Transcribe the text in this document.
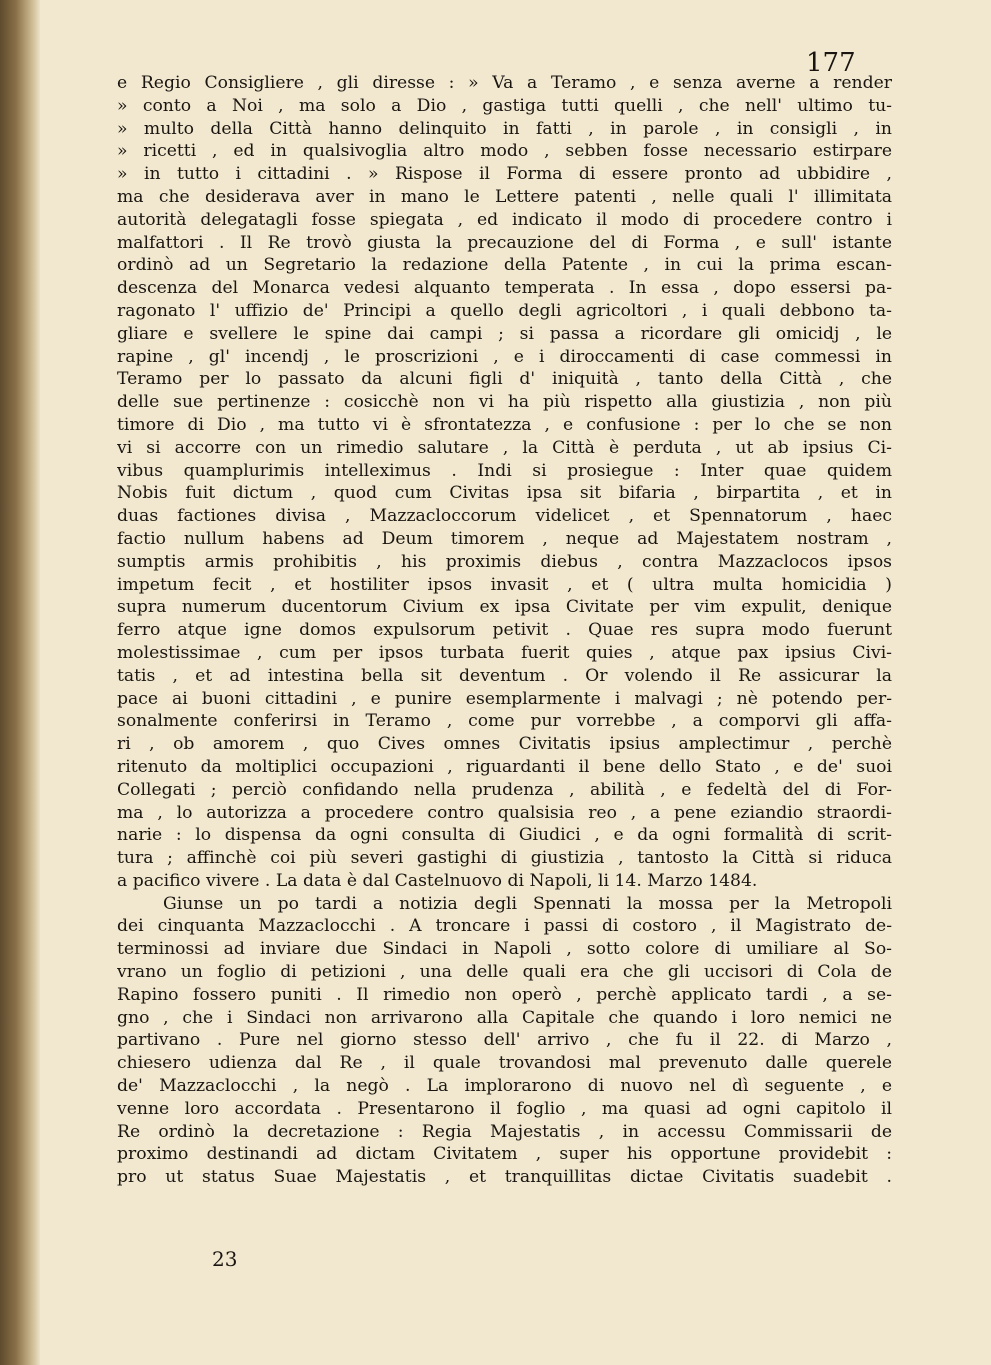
177
e Regio Consigliere , gli diresse : » Va a Teramo , e senza averne a render
» conto a Noi , ma solo a Dio , gastiga tutti quelli , che nell' ultimo tu-
» multo della Città hanno delinquito in fatti , in parole , in consigli , in
» ricetti , ed in qualsivoglia altro modo , sebben fosse necessario estirpare
» in tutto i cittadini . » Rispose il Forma di essere pronto ad ubbidire ,
ma che desiderava aver in mano le Lettere patenti , nelle quali l' illimitata
autorità delegatagli fosse spiegata , ed indicato il modo di procedere contro i
malfattori . Il Re trovò giusta la precauzione del di Forma , e sull' istante
ordinò ad un Segretario la redazione della Patente , in cui la prima escan-
descenza del Monarca vedesi alquanto temperata . In essa , dopo essersi pa-
ragonato l' uffizio de' Principi a quello degli agricoltori , i quali debbono ta-
gliare e svellere le spine dai campi ; si passa a ricordare gli omicidj , le
rapine , gl' incendj , le proscrizioni , e i diroccamenti di case commessi in
Teramo per lo passato da alcuni figli d' iniquità , tanto della Città , che
delle sue pertinenze : cosicchè non vi ha più rispetto alla giustizia , non più
timore di Dio , ma tutto vi è sfrontatezza , e confusione : per lo che se non
vi si accorre con un rimedio salutare , la Città è perduta , ut ab ipsius Ci-
vibus quamplurimis intelleximus . Indi si prosiegue : Inter quae quidem
Nobis fuit dictum , quod cum Civitas ipsa sit bifaria , birpartita , et in
duas factiones divisa , Mazzacloccorum videlicet , et Spennatorum , haec
factio nullum habens ad Deum timorem , neque ad Majestatem nostram ,
sumptis armis prohibitis , his proximis diebus , contra Mazzaclocos ipsos
impetum fecit , et hostiliter ipsos invasit , et ( ultra multa homicidia )
supra numerum ducentorum Civium ex ipsa Civitate per vim expulit, denique
ferro atque igne domos expulsorum petivit . Quae res supra modo fuerunt
molestissimae , cum per ipsos turbata fuerit quies , atque pax ipsius Civi-
tatis , et ad intestina bella sit deventum . Or volendo il Re assicurar la
pace ai buoni cittadini , e punire esemplarmente i malvagi ; nè potendo per-
sonalmente conferirsi in Teramo , come pur vorrebbe , a comporvi gli affa-
ri , ob amorem , quo Cives omnes Civitatis ipsius amplectimur , perchè
ritenuto da moltiplici occupazioni , riguardanti il bene dello Stato , e de' suoi
Collegati ; perciò confidando nella prudenza , abilità , e fedeltà del di For-
ma , lo autorizza a procedere contro qualsisia reo , a pene eziandio straordi-
narie : lo dispensa da ogni consulta di Giudici , e da ogni formalità di scrit-
tura ; affinchè coi più severi gastighi di giustizia , tantosto la Città si riduca
a pacifico vivere . La data è dal Castelnuovo di Napoli, li 14. Marzo 1484.
Giunse un po tardi a notizia degli Spennati la mossa per la Metropoli
dei cinquanta Mazzaclocchi . A troncare i passi di costoro , il Magistrato de-
terminossi ad inviare due Sindaci in Napoli , sotto colore di umiliare al So-
vrano un foglio di petizioni , una delle quali era che gli uccisori di Cola de
Rapino fossero puniti . Il rimedio non operò , perchè applicato tardi , a se-
gno , che i Sindaci non arrivarono alla Capitale che quando i loro nemici ne
partivano . Pure nel giorno stesso dell' arrivo , che fu il 22. di Marzo ,
chiesero udienza dal Re , il quale trovandosi mal prevenuto dalle querele
de' Mazzaclocchi , la negò . La implorarono di nuovo nel dì seguente , e
venne loro accordata . Presentarono il foglio , ma quasi ad ogni capitolo il
Re ordinò la decretazione : Regia Majestatis , in accessu Commissarii de
proximo destinandi ad dictam Civitatem , super his opportune providebit :
pro ut status Suae Majestatis , et tranquillitas dictae Civitatis suadebit .
23
